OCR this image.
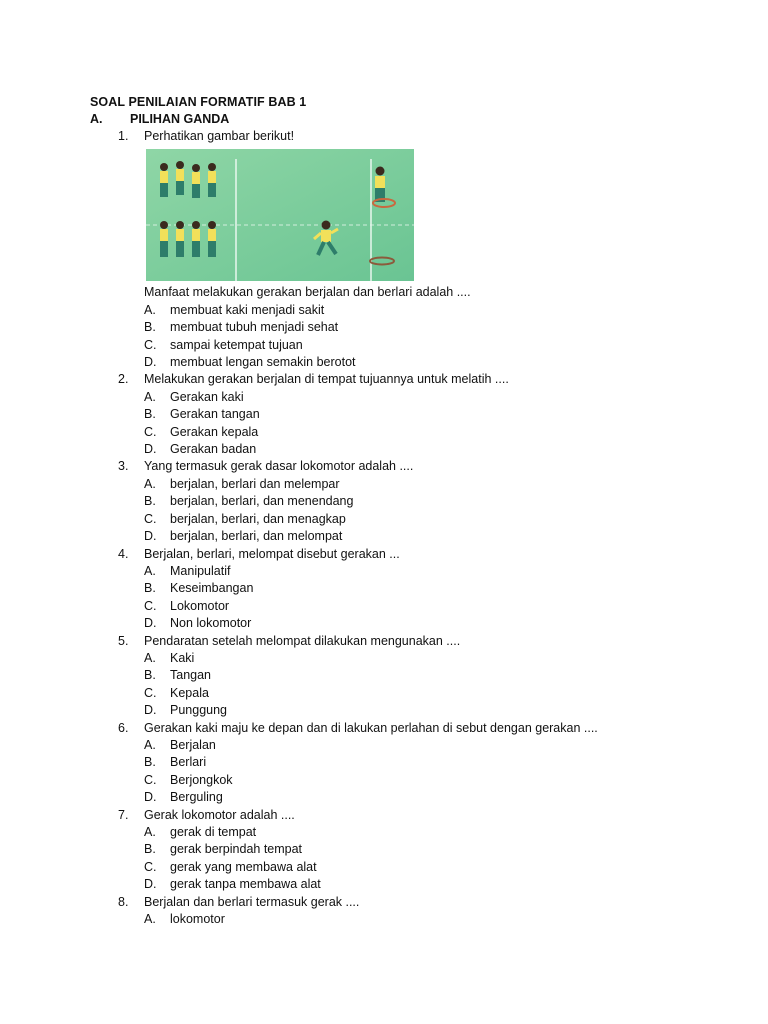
SOAL PENILAIAN FORMATIF BAB 1
A. PILIHAN GANDA
1. Perhatikan gambar berikut!
Manfaat melakukan gerakan berjalan dan berlari adalah ....
A. membuat kaki menjadi sakit
B. membuat tubuh menjadi sehat
C. sampai ketempat tujuan
D. membuat lengan semakin berotot
2. Melakukan gerakan berjalan di tempat tujuannya untuk melatih ....
A. Gerakan kaki
B. Gerakan tangan
C. Gerakan kepala
D. Gerakan badan
3. Yang termasuk gerak dasar lokomotor adalah ....
A. berjalan, berlari dan melempar
B. berjalan, berlari, dan menendang
C. berjalan, berlari, dan menagkap
D. berjalan, berlari, dan melompat
4. Berjalan, berlari, melompat disebut gerakan ...
A. Manipulatif
B. Keseimbangan
C. Lokomotor
D. Non lokomotor
5. Pendaratan setelah melompat dilakukan mengunakan ....
A. Kaki
B. Tangan
C. Kepala
D. Punggung
6. Gerakan kaki maju ke depan dan di lakukan perlahan di sebut dengan gerakan ....
A. Berjalan
B. Berlari
C. Berjongkok
D. Berguling
7. Gerak lokomotor adalah ....
A. gerak di tempat
B. gerak berpindah tempat
C. gerak yang membawa alat
D. gerak tanpa membawa alat
8. Berjalan dan berlari termasuk gerak ....
A. lokomotor
